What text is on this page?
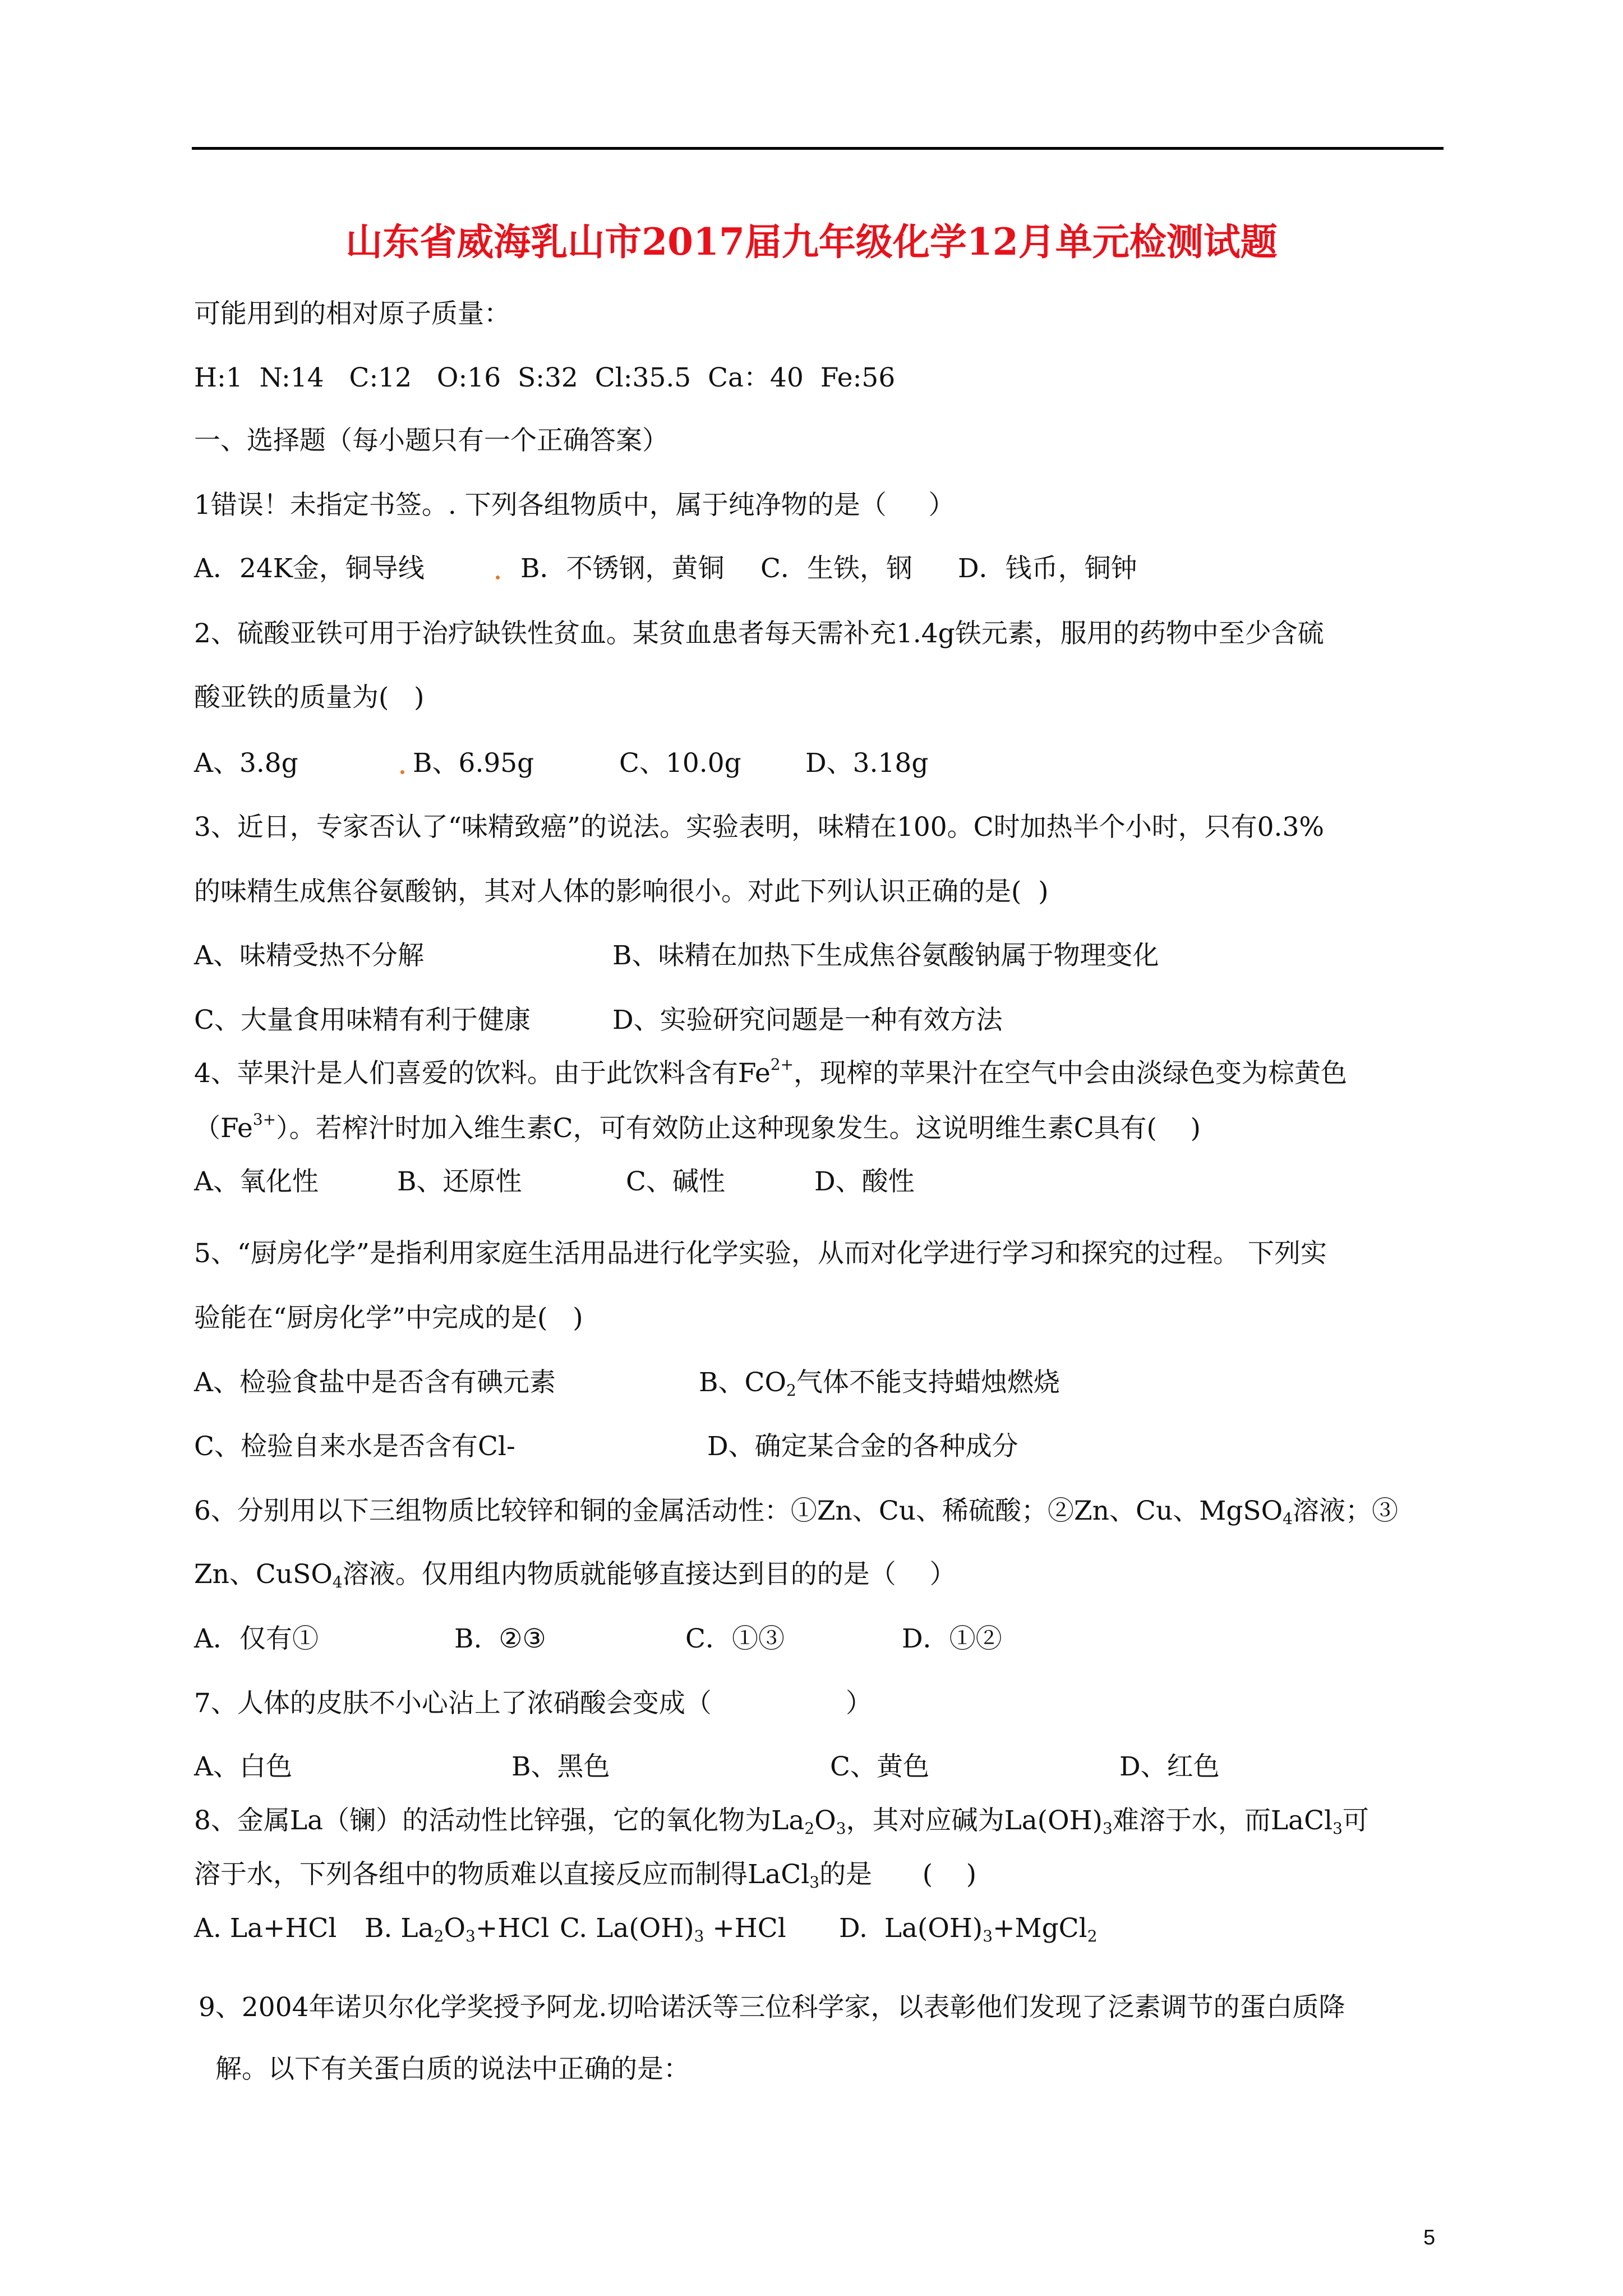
山东省威海乳山市2017届九年级化学12月单元检测试题
可能用到的相对原子质量：
H:1  N:14   C:12   O:16  S:32  Cl:35.5  Ca：40  Fe:56
一、选择题（每小题只有一个正确答案）
1错误！未指定书签。. 下列各组物质中，属于纯净物的是（     ）

A．24K金，铜导线

	B．不锈钢，黄铜

C．生铁，钢

D．钱币，铜钟

2、硫酸亚铁可用于治疗缺铁性贫血。某贫血患者每天需补充1.4g铁元素，服用的药物中至少含硫
酸亚铁的质量为(   )

A、3.8g

	B、6.95g

	C、10.0g

D、3.18g

3、近日，专家否认了“味精致癌”的说法。实验表明，味精在100。C时加热半个小时，只有0.3%
的味精生成焦谷氨酸钠，其对人体的影响很小。对此下列认识正确的是(  )

A、味精受热不分解

	B、味精在加热下生成焦谷氨酸钠属于物理变化

C、大量食用味精有利于健康

	D、实验研究问题是一种有效方法

4、苹果汁是人们喜爱的饮料。由于此饮料含有$Fe^{2+}$，现榨的苹果汁在空气中会由淡绿色变为棕黄色
$(Fe^{3+})$。若榨汁时加入维生素C，可有效防止这种现象发生。这说明维生素C具有(    )

A、氧化性

	B、还原性

	C、碱性

	D、酸性

5、“厨房化学”是指利用家庭生活用品进行化学实验，从而对化学进行学习和探究的过程。 下列实
验能在“厨房化学”中完成的是(   )

A、检验食盐中是否含有碘元素

	B、$CO_2$气体不能支持蜡烛燃烧

C、检验自来水是否含有Cl-

	D、确定某合金的各种成分

6、分别用以下三组物质比较锌和铜的金属活动性：①Zn、Cu、稀硫酸；②Zn、Cu、MgSO$_4$溶液；③
Zn、CuSO$_4$溶液。仅用组内物质就能够直接达到目的的是（    ）

A．仅有①

	B.  ②③

	C．①③

	D．①②

7、人体的皮肤不小心沾上了浓硝酸会变成（                ）

A、白色

	B、黑色

	C、黄色

	D、红色

8、金属La（镧）的活动性比锌强，它的氧化物为$La_2O_3$，其对应碱为$La(OH)_3$难溶于水，而LaCl$_3$可
溶于水，下列各组中的物质难以直接反应而制得LaCl$_3$的是      (    )

A. La+HCl

B. $La_2O_3+HCl$

C. $La(OH)_3 +HCl$

D.  $La(OH)_3+MgCl_2$

9、2004年诺贝尔化学奖授予阿龙.切哈诺沃等三位科学家，以表彰他们发现了泛素调节的蛋白质降
解。以下有关蛋白质的说法中正确的是：
5
